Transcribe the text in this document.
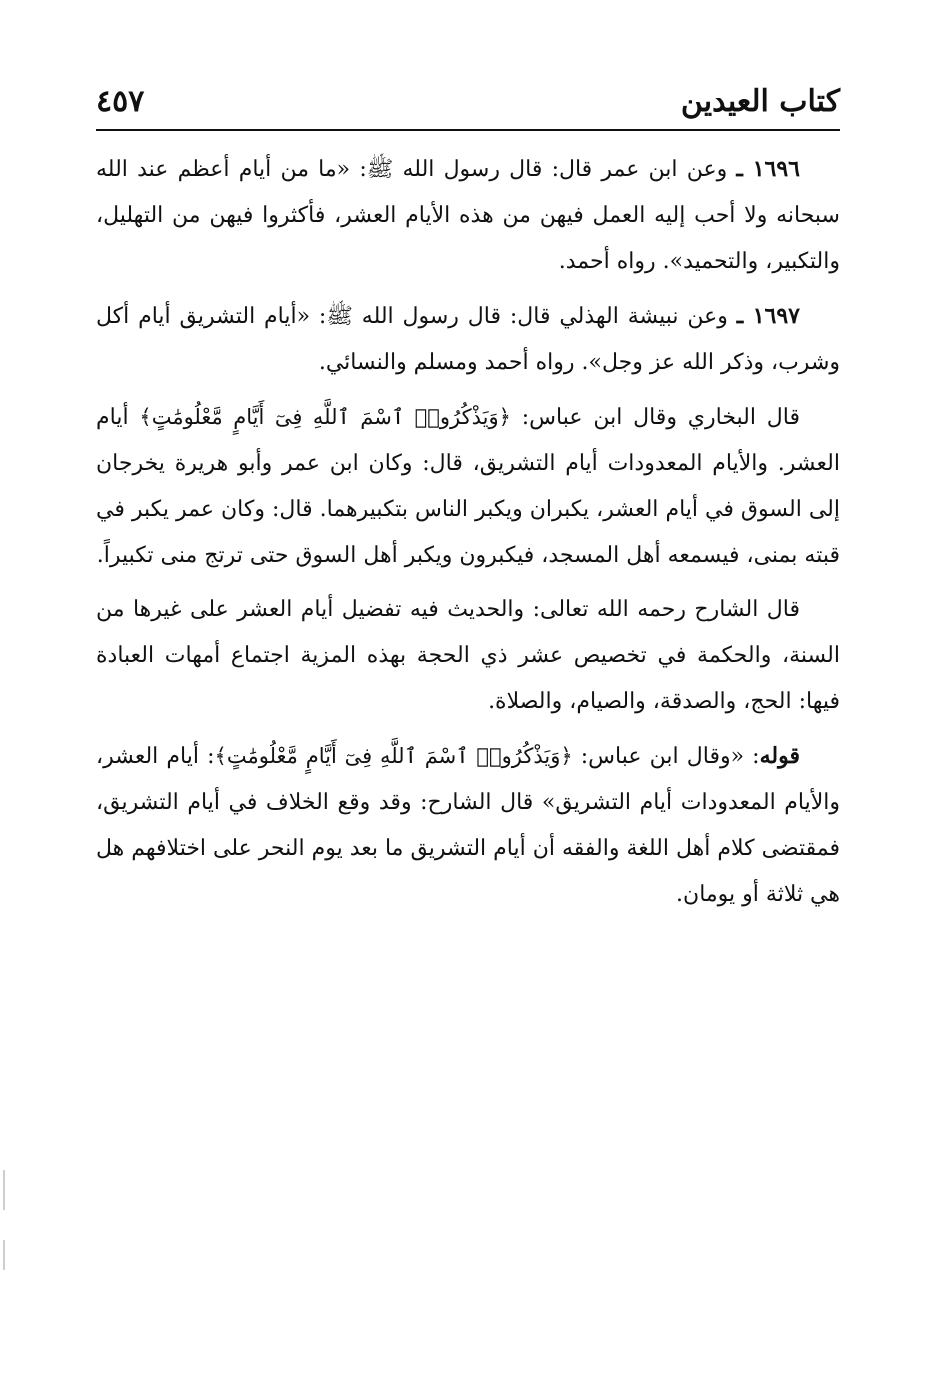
كتاب العيدين
٤٥٧

١٦٩٦ ـ وعن ابن عمر قال: قال رسول الله ﷺ: «ما من أيام أعظم عند الله سبحانه ولا أحب إليه العمل فيهن من هذه الأيام العشر، فأكثروا فيهن من التهليل، والتكبير، والتحميد». رواه أحمد.

١٦٩٧ ـ وعن نبيشة الهذلي قال: قال رسول الله ﷺ: «أيام التشريق أيام أكل وشرب، وذكر الله عز وجل». رواه أحمد ومسلم والنسائي.

قال البخاري وقال ابن عباس: ﴿وَيَذْكُرُوا۟ ٱسْمَ ٱللَّهِ فِىٓ أَيَّامٍ مَّعْلُومَٰتٍ﴾ أيام العشر. والأيام المعدودات أيام التشريق، قال: وكان ابن عمر وأبو هريرة يخرجان إلى السوق في أيام العشر، يكبران ويكبر الناس بتكبيرهما. قال: وكان عمر يكبر في قبته بمنى، فيسمعه أهل المسجد، فيكبرون ويكبر أهل السوق حتى ترتج منى تكبيراً.

قال الشارح رحمه الله تعالى: والحديث فيه تفضيل أيام العشر على غيرها من السنة، والحكمة في تخصيص عشر ذي الحجة بهذه المزية اجتماع أمهات العبادة فيها: الحج، والصدقة، والصيام، والصلاة.

قوله: «وقال ابن عباس: ﴿وَيَذْكُرُوا۟ ٱسْمَ ٱللَّهِ فِىٓ أَيَّامٍ مَّعْلُومَٰتٍ﴾: أيام العشر، والأيام المعدودات أيام التشريق» قال الشارح: وقد وقع الخلاف في أيام التشريق، فمقتضى كلام أهل اللغة والفقه أن أيام التشريق ما بعد يوم النحر على اختلافهم هل هي ثلاثة أو يومان.
